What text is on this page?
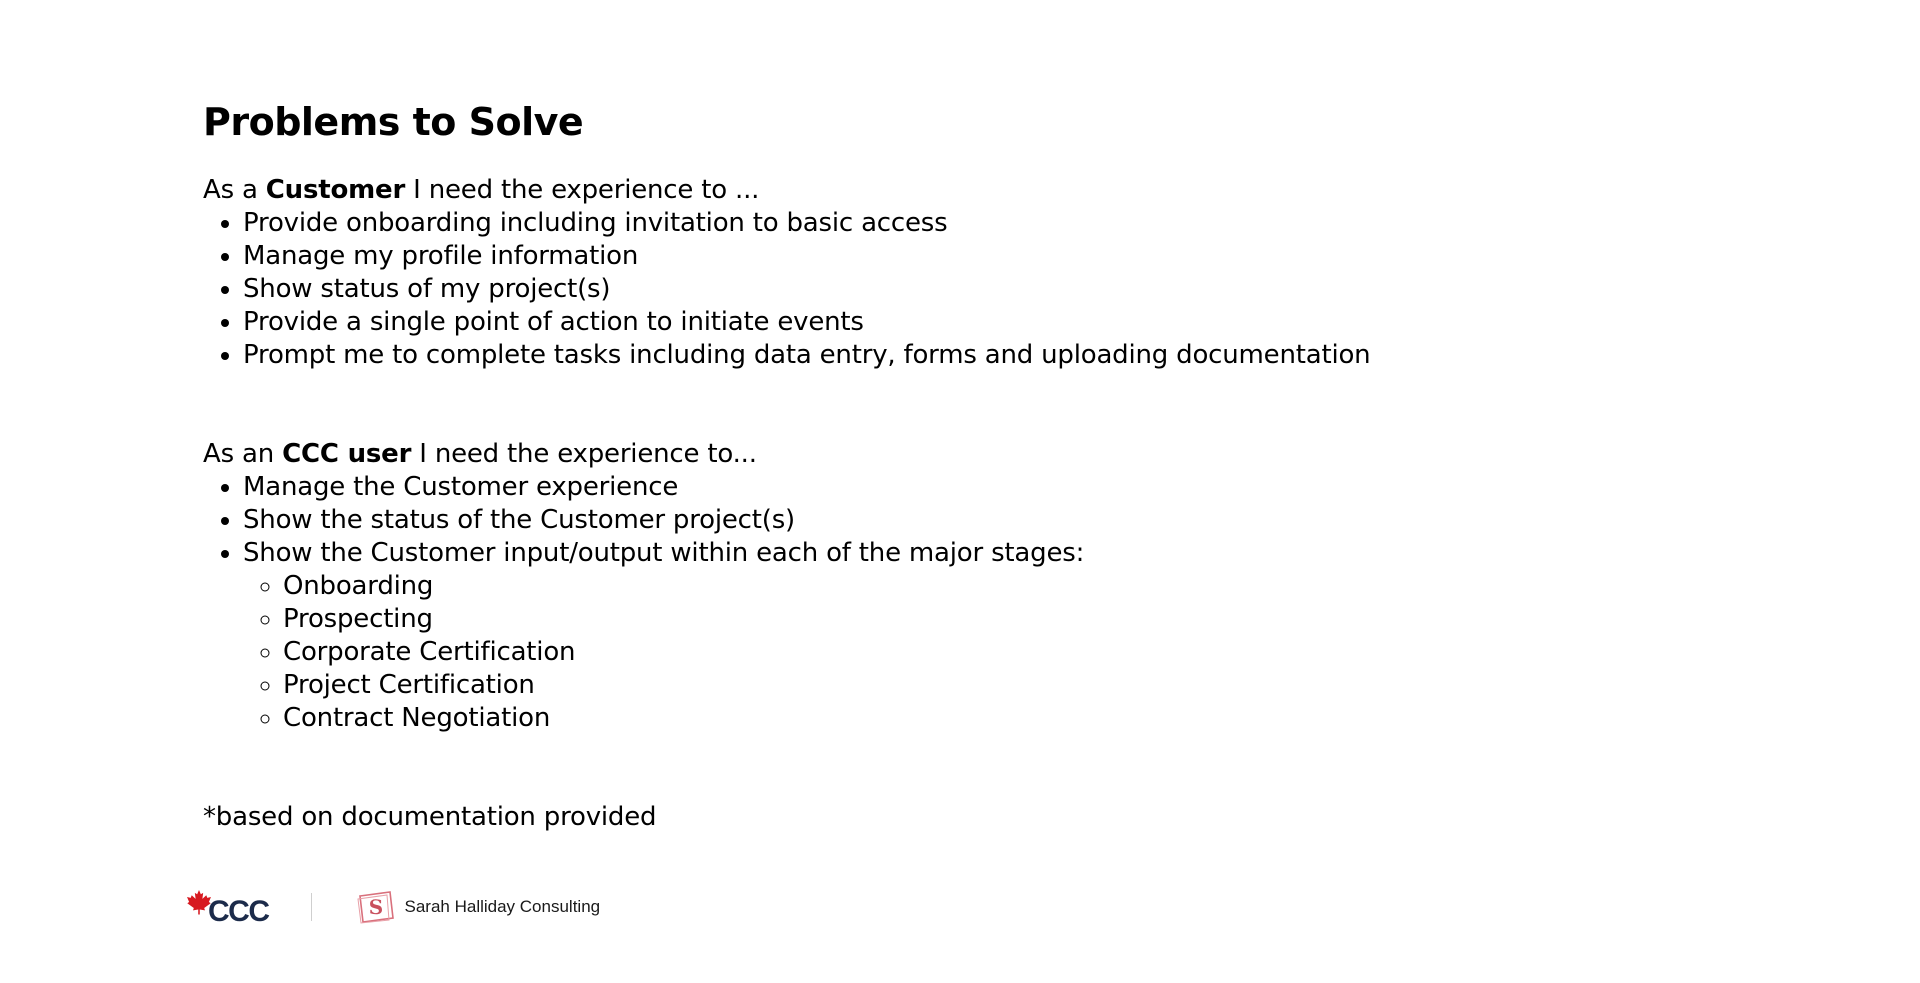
Problems to Solve

As a Customer I need the experience to ...

• Provide onboarding including invitation to basic access
• Manage my profile information
• Show status of my project(s)
• Provide a single point of action to initiate events
• Prompt me to complete tasks including data entry, forms and uploading documentation

As an CCC user I need the experience to...

• Manage the Customer experience
• Show the status of the Customer project(s)
• Show the Customer input/output within each of the major stages:
◦ Onboarding
◦ Prospecting
◦ Corporate Certification
◦ Project Certification
◦ Contract Negotiation

*based on documentation provided

CCC	S Sarah Halliday Consulting
